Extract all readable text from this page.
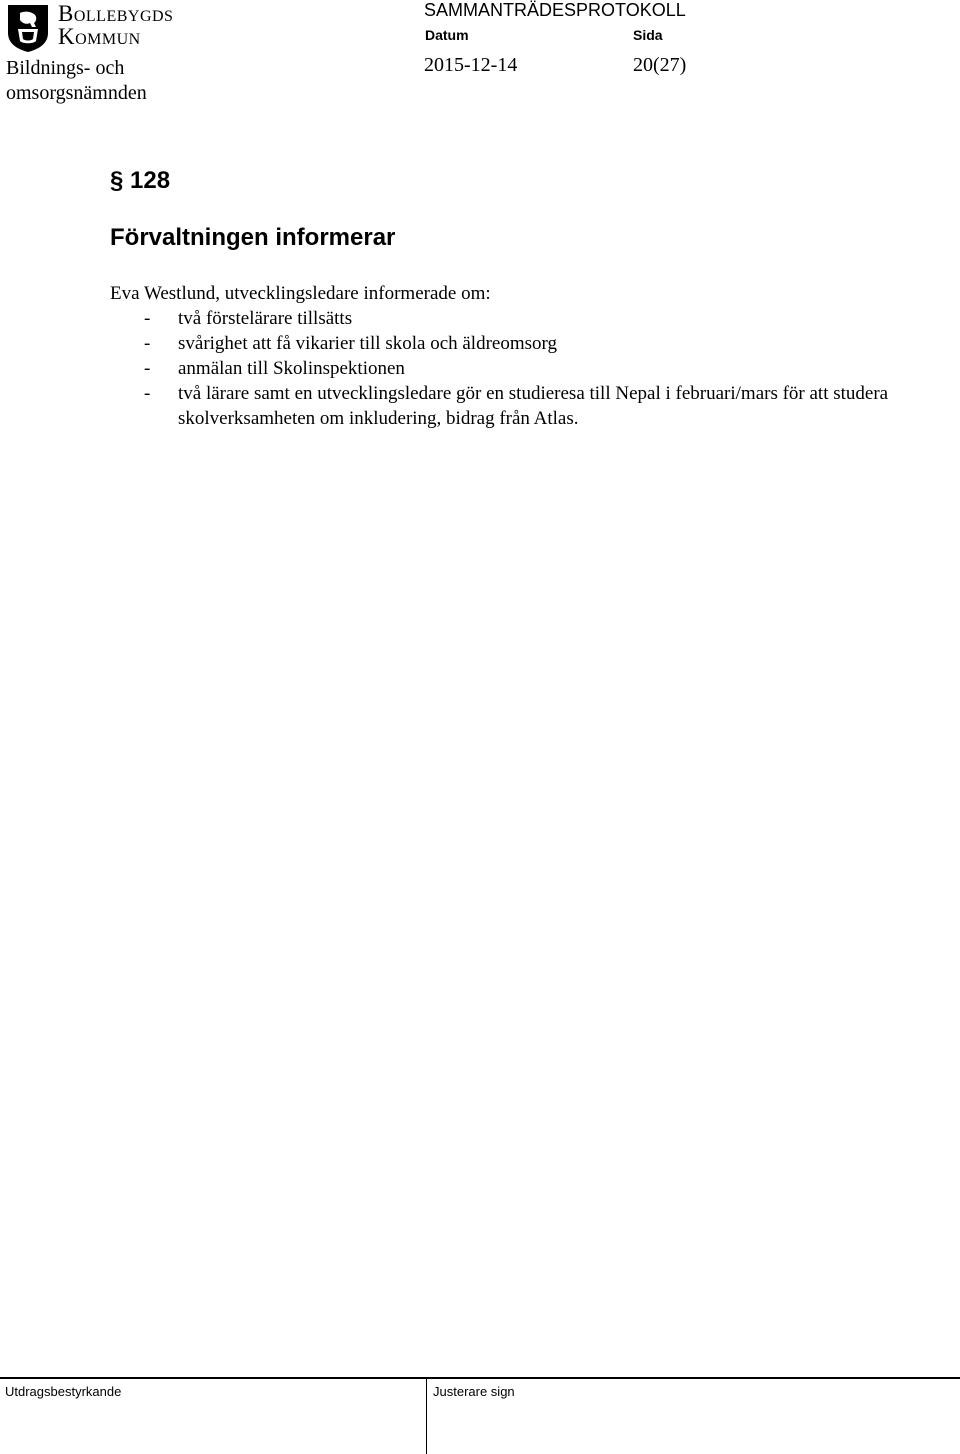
Bollebygds
Kommun
Bildnings- och
omsorgsnämnden
SAMMANTRÄDESPROTOKOLL
Datum	Sida
2015-12-14	20(27)
§ 128
Förvaltningen informerar
Eva Westlund, utvecklingsledare informerade om:
- två förstelärare tillsätts
- svårighet att få vikarier till skola och äldreomsorg
- anmälan till Skolinspektionen
- två lärare samt en utvecklingsledare gör en studieresa till Nepal i februari/mars för att studera skolverksamheten om inkludering, bidrag från Atlas.
Utdragsbestyrkande	Justerare sign
